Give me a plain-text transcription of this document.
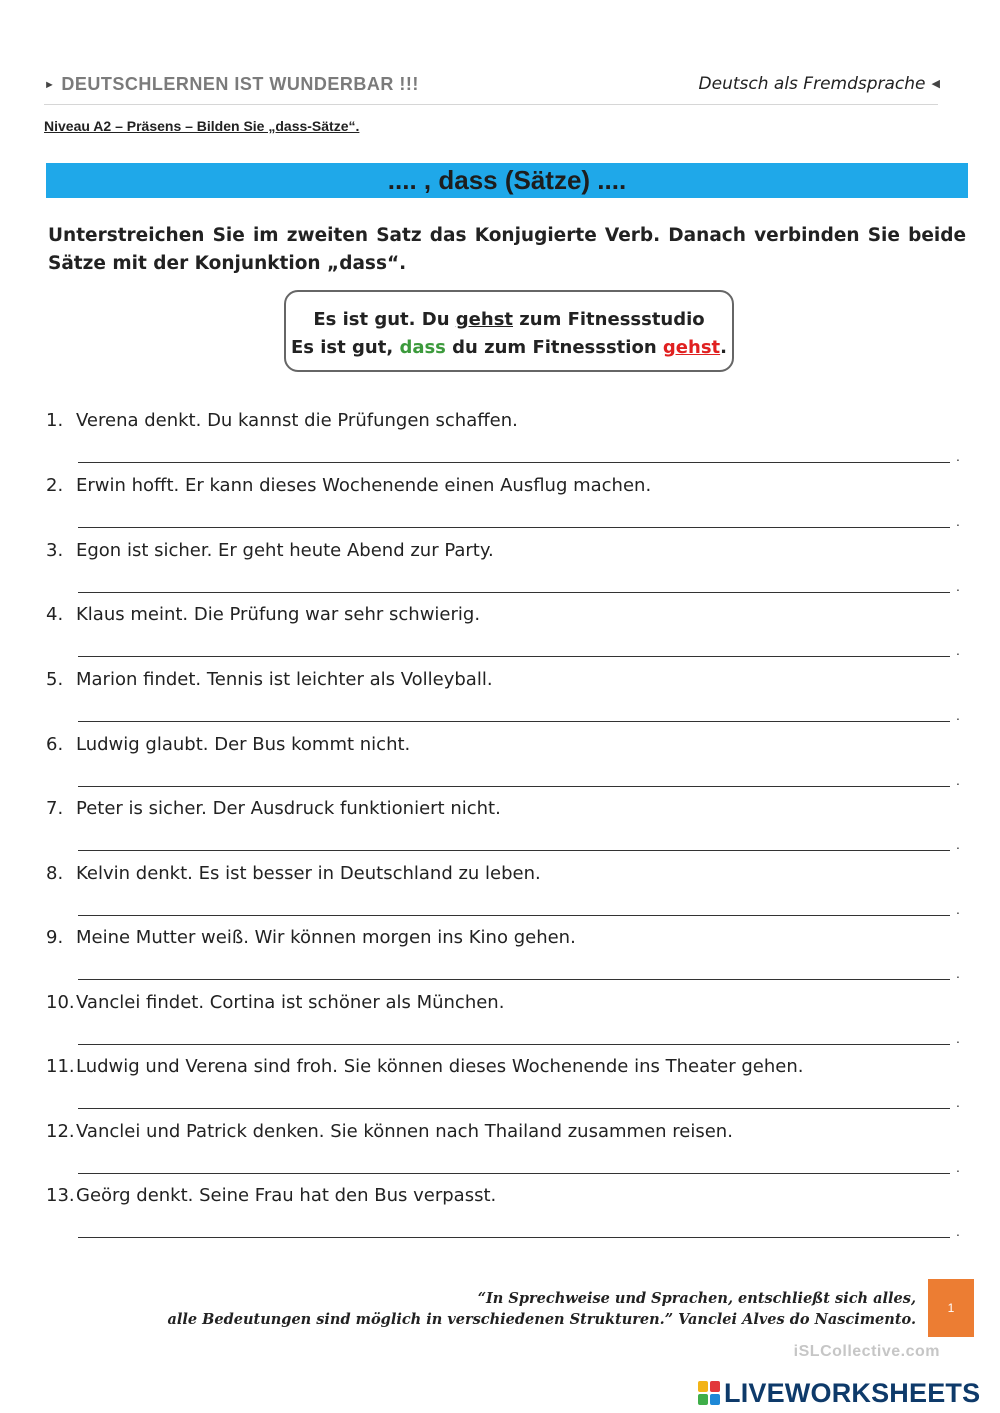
► DEUTSCHLERNEN IST WUNDERBAR !!!	Deutsch als Fremdsprache ◀
Niveau A2 – Präsens – Bilden Sie „dass-Sätze“.
.... , dass (Sätze) ....
Unterstreichen Sie im zweiten Satz das Konjugierte Verb. Danach verbinden Sie beide Sätze mit der Konjunktion „dass“.
Es ist gut. Du gehst zum Fitnessstudio
Es ist gut, dass du zum Fitnessstion gehst.
1. Verena denkt. Du kannst die Prüfungen schaffen.
.
2. Erwin hofft. Er kann dieses Wochenende einen Ausflug machen.
.
3. Egon ist sicher. Er geht heute Abend zur Party.
.
4. Klaus meint. Die Prüfung war sehr schwierig.
.
5. Marion findet. Tennis ist leichter als Volleyball.
.
6. Ludwig glaubt. Der Bus kommt nicht.
.
7. Peter is sicher. Der Ausdruck funktioniert nicht.
.
8. Kelvin denkt. Es ist besser in Deutschland zu leben.
.
9. Meine Mutter weiß. Wir können morgen ins Kino gehen.
.
10.Vanclei findet. Cortina ist schöner als München.
.
11.Ludwig und Verena sind froh. Sie können dieses Wochenende ins Theater gehen.
.
12.Vanclei und Patrick denken. Sie können nach Thailand zusammen reisen.
.
13.Geörg denkt. Seine Frau hat den Bus verpasst.
.
“In Sprechweise und Sprachen, entschließt sich alles,
alle Bedeutungen sind möglich in verschiedenen Strukturen.” Vanclei Alves do Nascimento.
1
iSLCollective.com
LIVEWORKSHEETS
